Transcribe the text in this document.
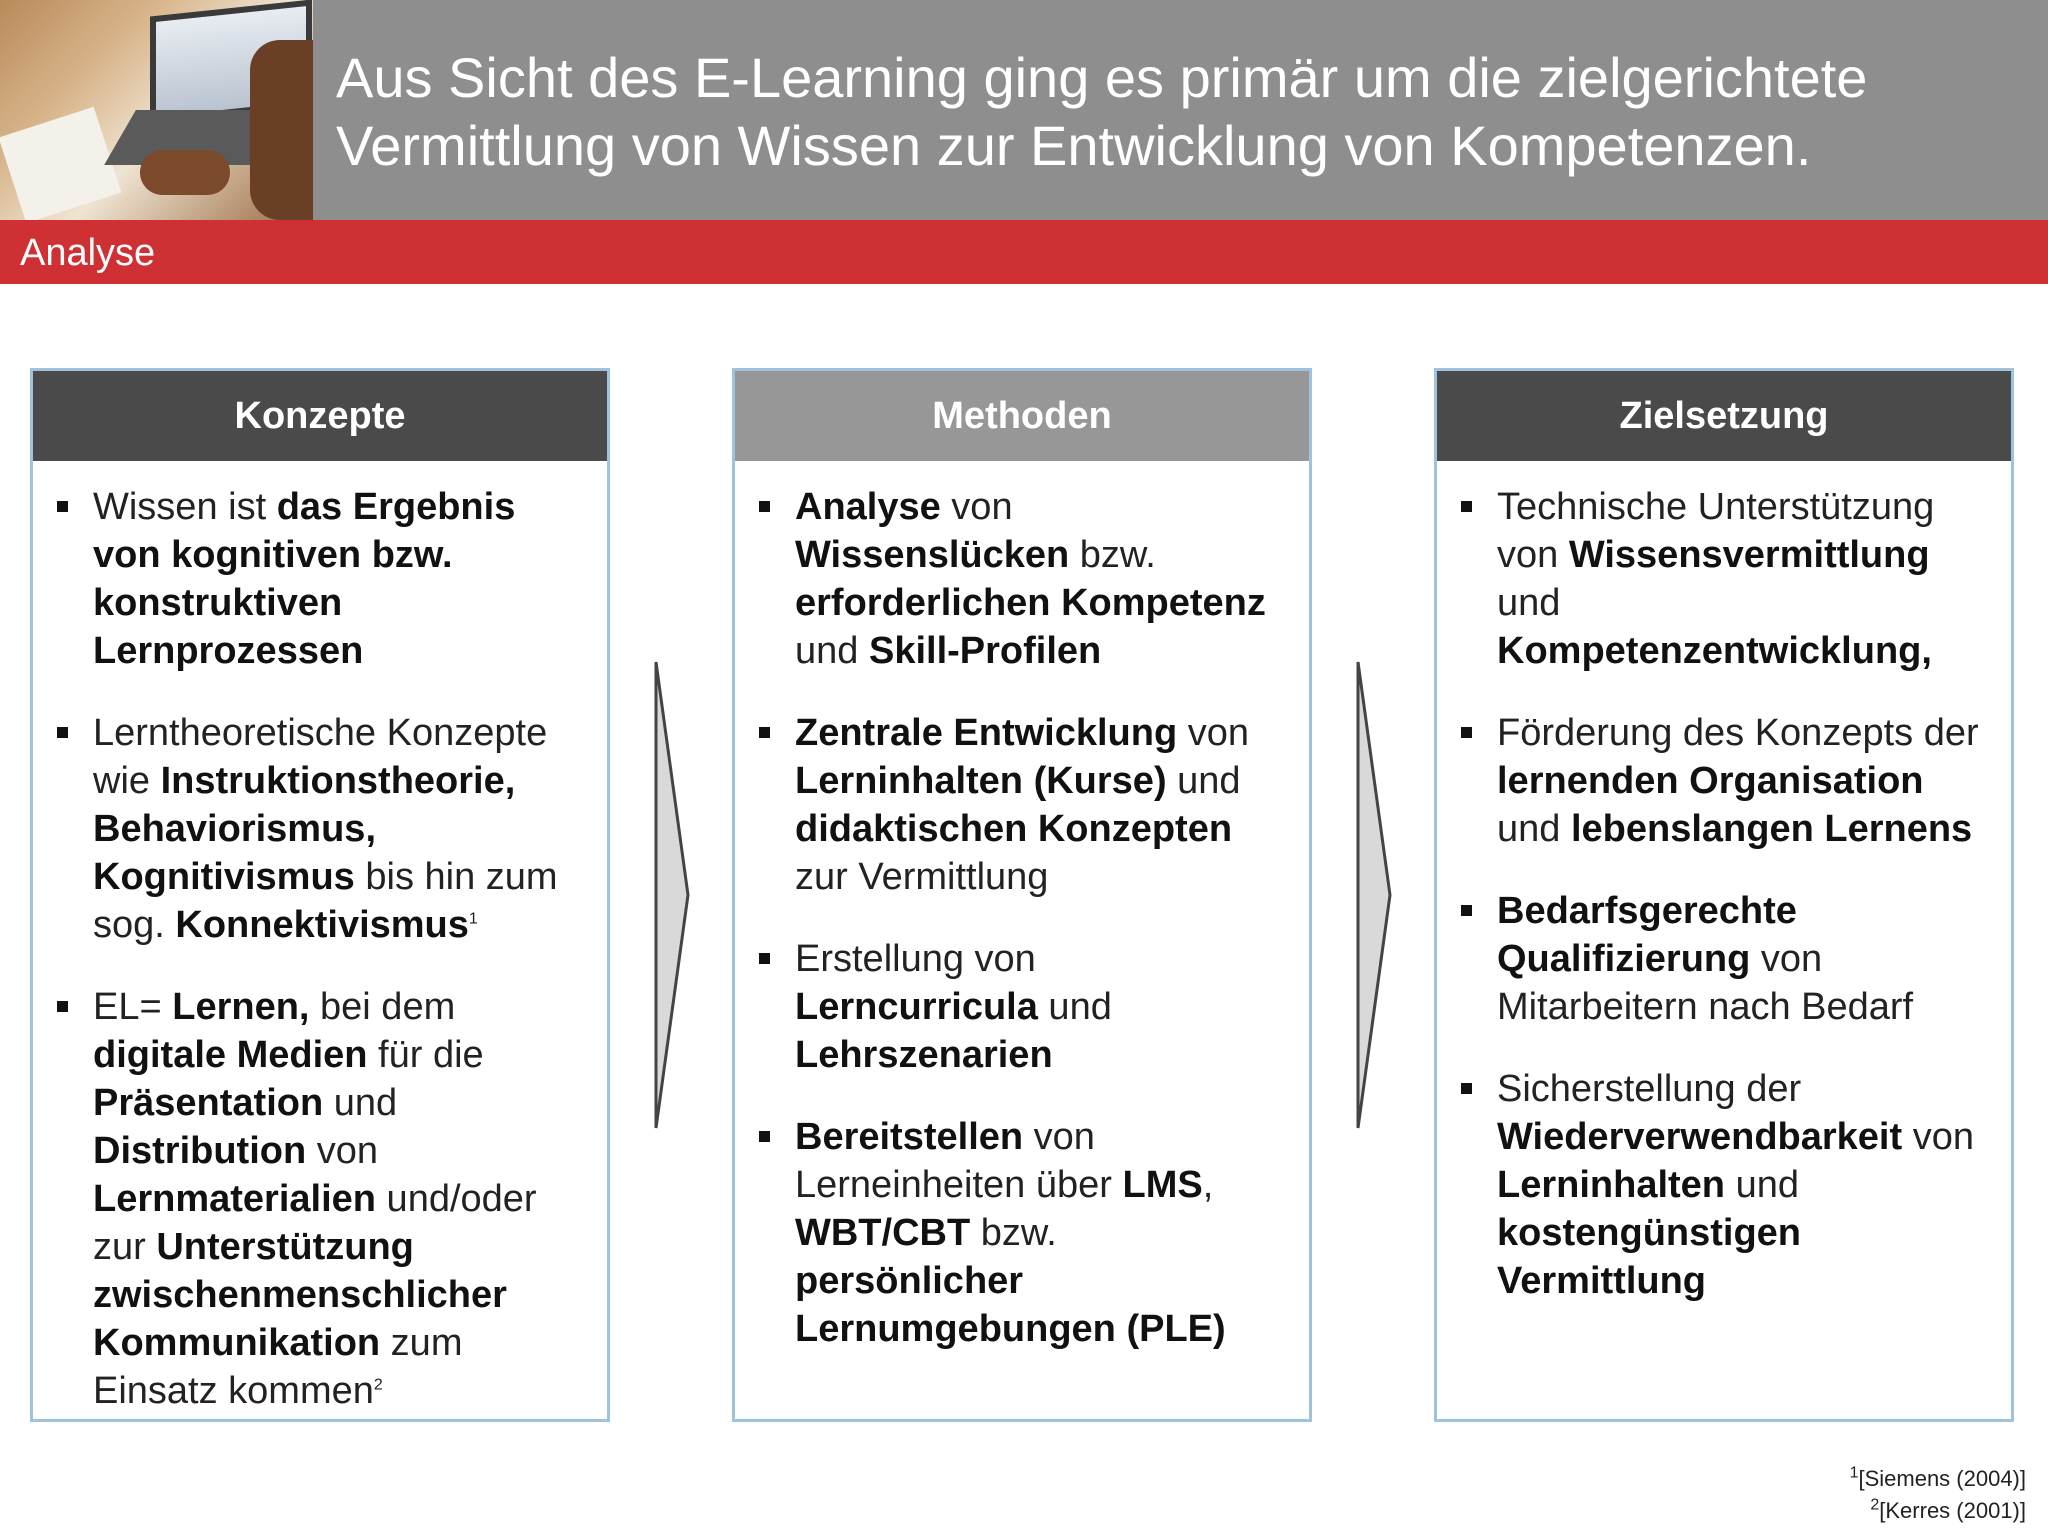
Aus Sicht des E-Learning ging es primär um die zielgerichtete
Vermittlung von Wissen zur Entwicklung von Kompetenzen.
Analyse
Konzepte
Wissen ist das Ergebnis von kognitiven bzw. konstruktiven Lernprozessen
Lerntheoretische Konzepte wie Instruktionstheorie, Behaviorismus, Kognitivismus bis hin zum sog. Konnektivismus$^1$
EL= Lernen, bei dem digitale Medien für die Präsentation und Distribution von Lernmaterialien und/oder zur Unterstützung zwischenmenschlicher Kommunikation zum Einsatz kommen$^2$
Methoden
Analyse von Wissenslücken bzw. erforderlichen Kompetenz und Skill-Profilen
Zentrale Entwicklung von Lerninhalten (Kurse) und didaktischen Konzepten zur Vermittlung
Erstellung von Lerncurricula und Lehrszenarien
Bereitstellen von Lerneinheiten über LMS, WBT/CBT bzw. persönlicher Lernumgebungen (PLE)
Zielsetzung
Technische Unterstützung von Wissensvermittlung und Kompetenzentwicklung,
Förderung des Konzepts der lernenden Organisation und lebenslangen Lernens
Bedarfsgerechte Qualifizierung von Mitarbeitern nach Bedarf
Sicherstellung der Wiederverwendbarkeit von Lerninhalten und kostengünstigen Vermittlung
$^1$[Siemens (2004)]
$^2$[Kerres (2001)]
